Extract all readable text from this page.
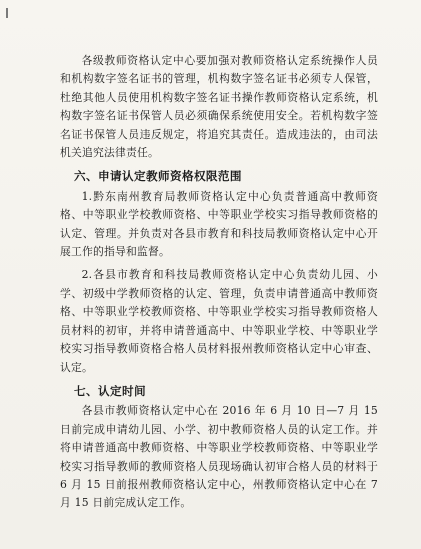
各级教师资格认定中心要加强对教师资格认定系统操作人员和机构数字签名证书的管理，机构数字签名证书必须专人保管，杜绝其他人员使用机构数字签名证书操作教师资格认定系统，机构数字签名证书保管人员必须确保系统使用安全。若机构数字签名证书保管人员违反规定，将追究其责任。造成违法的，由司法机关追究法律责任。

六、申请认定教师资格权限范围

1.黔东南州教育局教师资格认定中心负责普通高中教师资格、中等职业学校教师资格、中等职业学校实习指导教师资格的认定、管理。并负责对各县市教育和科技局教师资格认定中心开展工作的指导和监督。

2.各县市教育和科技局教师资格认定中心负责幼儿园、小学、初级中学教师资格的认定、管理，负责申请普通高中教师资格、中等职业学校教师资格、中等职业学校实习指导教师资格人员材料的初审，并将申请普通高中、中等职业学校、中等职业学校实习指导教师资格合格人员材料报州教师资格认定中心审查、认定。

七、认定时间

各县市教师资格认定中心在 2016 年 6 月 10 日—7 月 15 日前完成申请幼儿园、小学、初中教师资格人员的认定工作。并将申请普通高中教师资格、中等职业学校教师资格、中等职业学校实习指导教师的教师资格人员现场确认初审合格人员的材料于 6 月 15 日前报州教师资格认定中心，州教师资格认定中心在 7 月 15 日前完成认定工作。
